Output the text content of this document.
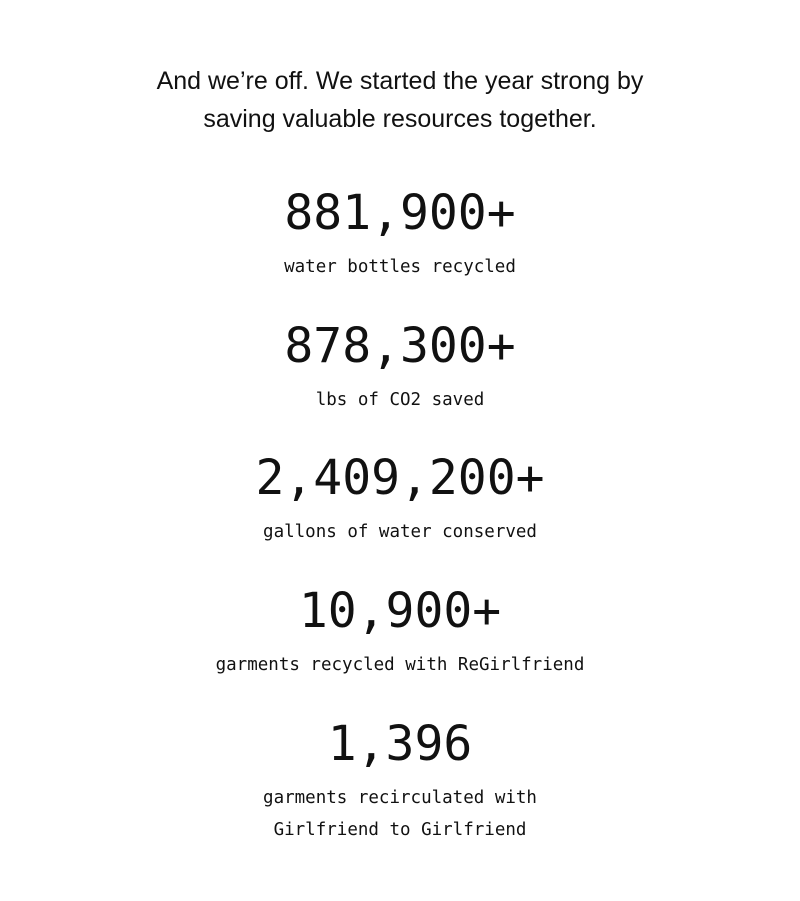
And we’re off. We started the year strong by
saving valuable resources together.

881,900+
water bottles recycled
878,300+
lbs of CO2 saved
2,409,200+
gallons of water conserved
10,900+
garments recycled with ReGirlfriend
1,396
garments recirculated with
Girlfriend to Girlfriend
